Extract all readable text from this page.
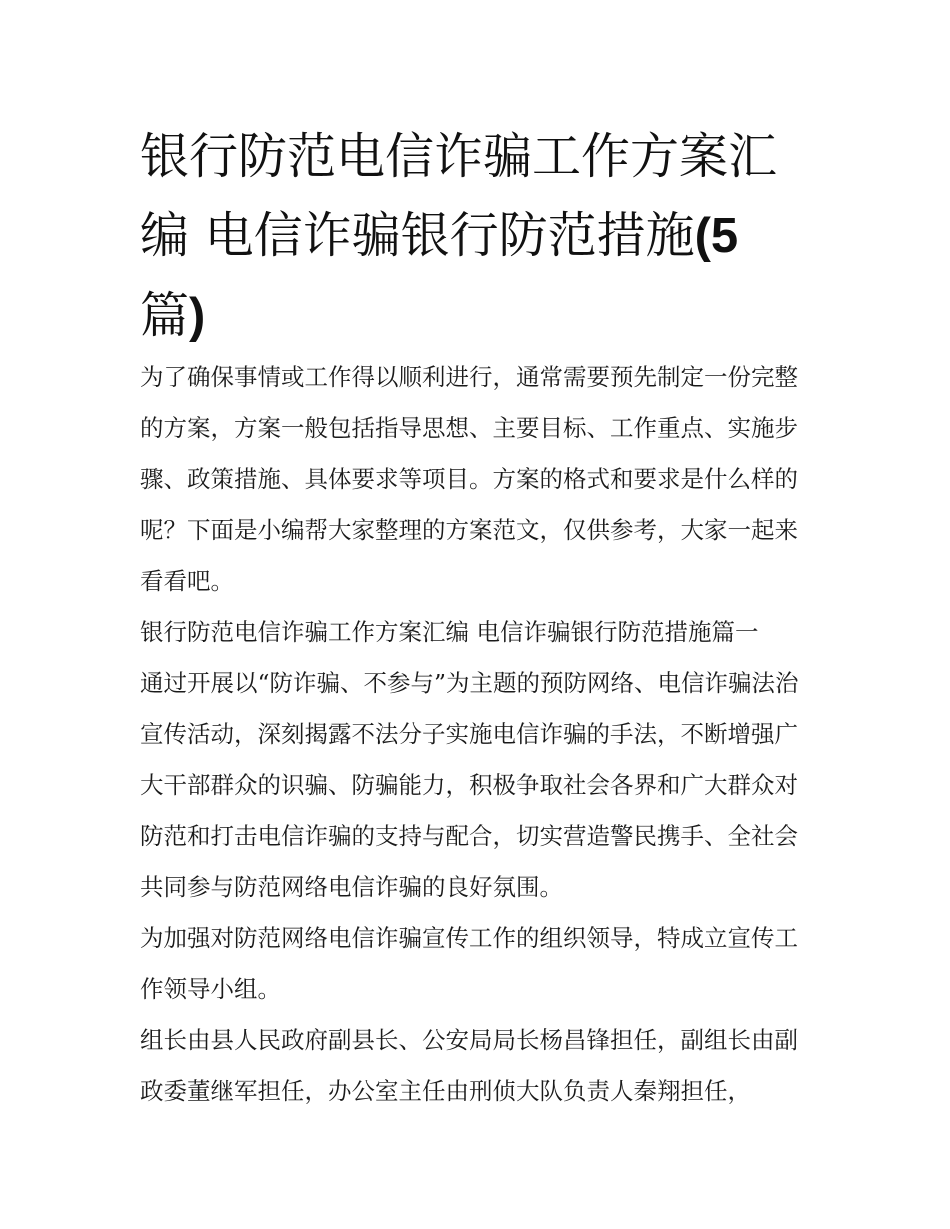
银行防范电信诈骗工作方案汇
编 电信诈骗银行防范措施(5
篇)

为了确保事情或工作得以顺利进行，通常需要预先制定一份完整的方案，方案一般包括指导思想、主要目标、工作重点、实施步骤、政策措施、具体要求等项目。方案的格式和要求是什么样的呢？下面是小编帮大家整理的方案范文，仅供参考，大家一起来看看吧。

银行防范电信诈骗工作方案汇编 电信诈骗银行防范措施篇一

通过开展以“防诈骗、不参与”为主题的预防网络、电信诈骗法治宣传活动，深刻揭露不法分子实施电信诈骗的手法，不断增强广大干部群众的识骗、防骗能力，积极争取社会各界和广大群众对防范和打击电信诈骗的支持与配合，切实营造警民携手、全社会共同参与防范网络电信诈骗的良好氛围。

为加强对防范网络电信诈骗宣传工作的组织领导，特成立宣传工作领导小组。

组长由县人民政府副县长、公安局局长杨昌锋担任，副组长由副政委董继军担任，办公室主任由刑侦大队负责人秦翔担任，
